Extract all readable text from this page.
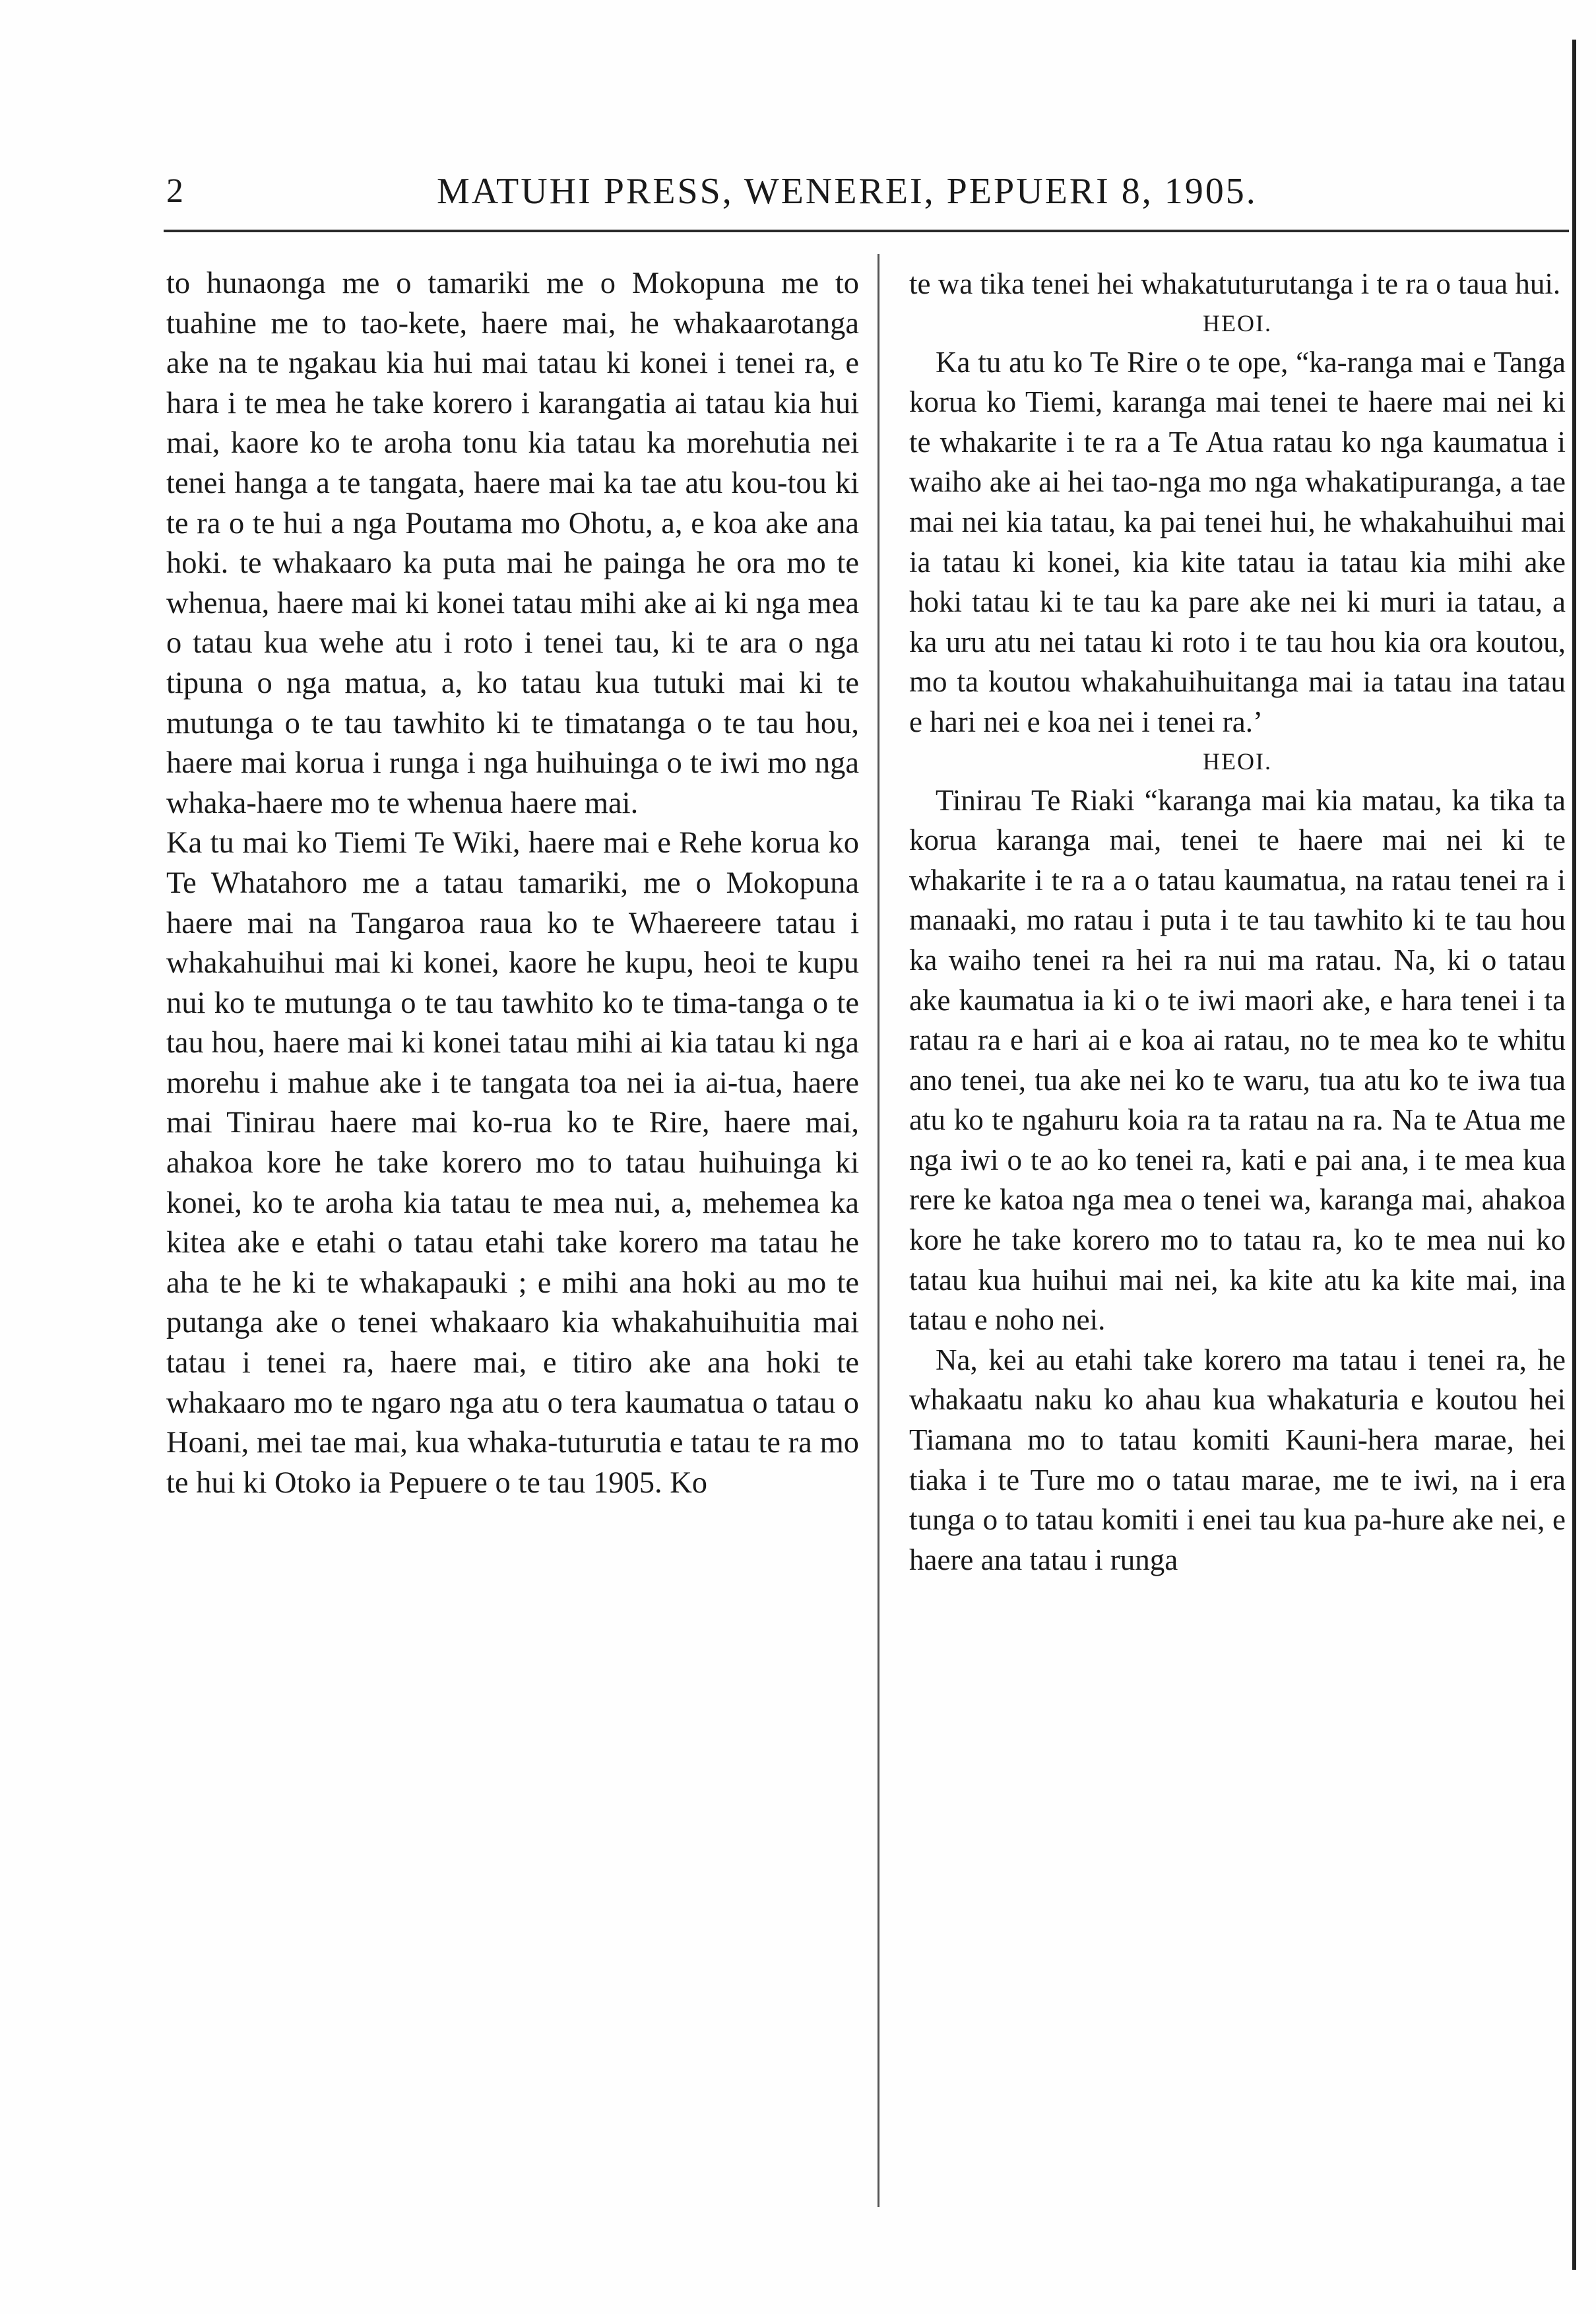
2	MATUHI PRESS, WENEREI, PEPUERI 8, 1905.

to hunaonga me o tamariki me o Mokopuna me to tuahine me to tao-kete, haere mai, he whakaarotanga ake na te ngakau kia hui mai tatau ki konei i tenei ra, e hara i te mea he take korero i karangatia ai tatau kia hui mai, kaore ko te aroha tonu kia tatau ka morehutia nei tenei hanga a te tangata, haere mai ka tae atu kou-tou ki te ra o te hui a nga Poutama mo Ohotu, a, e koa ake ana hoki. te whakaaro ka puta mai he painga he ora mo te whenua, haere mai ki konei tatau mihi ake ai ki nga mea o tatau kua wehe atu i roto i tenei tau, ki te ara o nga tipuna o nga matua, a, ko tatau kua tutuki mai ki te mutunga o te tau tawhito ki te timatanga o te tau hou, haere mai korua i runga i nga huihuinga o te iwi mo nga whaka-haere mo te whenua haere mai.

Ka tu mai ko Tiemi Te Wiki, haere mai e Rehe korua ko Te Whatahoro me a tatau tamariki, me o Mokopuna haere mai na Tangaroa raua ko te Whaereere tatau i whakahuihui mai ki konei, kaore he kupu, heoi te kupu nui ko te mutunga o te tau tawhito ko te tima-tanga o te tau hou, haere mai ki konei tatau mihi ai kia tatau ki nga morehu i mahue ake i te tangata toa nei ia ai-tua, haere mai Tinirau haere mai ko-rua ko te Rire, haere mai, ahakoa kore he take korero mo to tatau huihuinga ki konei, ko te aroha kia tatau te mea nui, a, mehemea ka kitea ake e etahi o tatau etahi take korero ma tatau he aha te he ki te whakapauki ; e mihi ana hoki au mo te putanga ake o tenei whakaaro kia whakahuihuitia mai tatau i tenei ra, haere mai, e titiro ake ana hoki te whakaaro mo te ngaro nga atu o tera kaumatua o tatau o Hoani, mei tae mai, kua whaka-tuturutia e tatau te ra mo te hui ki Otoko ia Pepuere o te tau 1905. Ko

te wa tika tenei hei whakatuturutanga i te ra o taua hui.

HEOI.

Ka tu atu ko Te Rire o te ope, “ka-ranga mai e Tanga korua ko Tiemi, karanga mai tenei te haere mai nei ki te whakarite i te ra a Te Atua ratau ko nga kaumatua i waiho ake ai hei tao-nga mo nga whakatipuranga, a tae mai nei kia tatau, ka pai tenei hui, he whakahuihui mai ia tatau ki konei, kia kite tatau ia tatau kia mihi ake hoki tatau ki te tau ka pare ake nei ki muri ia tatau, a ka uru atu nei tatau ki roto i te tau hou kia ora koutou, mo ta koutou whakahuihuitanga mai ia tatau ina tatau e hari nei e koa nei i tenei ra.’

HEOI.

Tinirau Te Riaki “karanga mai kia matau, ka tika ta korua karanga mai, tenei te haere mai nei ki te whakarite i te ra a o tatau kaumatua, na ratau tenei ra i manaaki, mo ratau i puta i te tau tawhito ki te tau hou ka waiho tenei ra hei ra nui ma ratau. Na, ki o tatau ake kaumatua ia ki o te iwi maori ake, e hara tenei i ta ratau ra e hari ai e koa ai ratau, no te mea ko te whitu ano tenei, tua ake nei ko te waru, tua atu ko te iwa tua atu ko te ngahuru koia ra ta ratau na ra. Na te Atua me nga iwi o te ao ko tenei ra, kati e pai ana, i te mea kua rere ke katoa nga mea o tenei wa, karanga mai, ahakoa kore he take korero mo to tatau ra, ko te mea nui ko tatau kua huihui mai nei, ka kite atu ka kite mai, ina tatau e noho nei.

Na, kei au etahi take korero ma tatau i tenei ra, he whakaatu naku ko ahau kua whakaturia e koutou hei Tiamana mo to tatau komiti Kauni-hera marae, hei tiaka i te Ture mo o tatau marae, me te iwi, na i era tunga o to tatau komiti i enei tau kua pa-hure ake nei, e haere ana tatau i runga
